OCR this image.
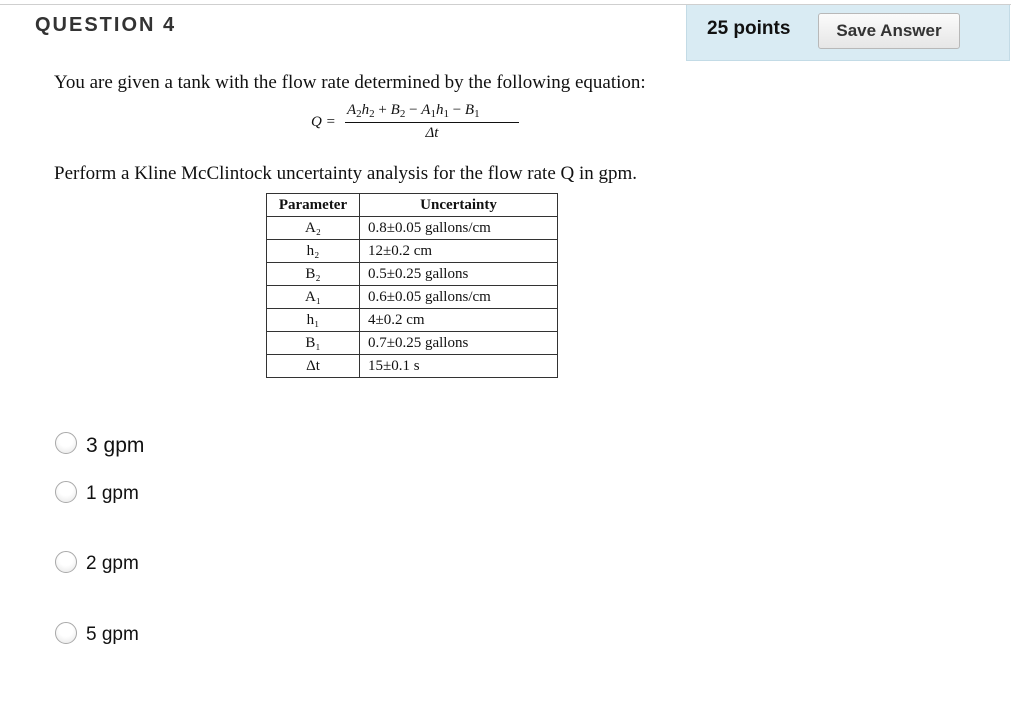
QUESTION 4	25 points	Save Answer
You are given a tank with the flow rate determined by the following equation:
Q =
$A_2h_2 + B_2 - A_1h_1 - B_1$
Δt
Perform a Kline McClintock uncertainty analysis for the flow rate Q in gpm.
Parameter	Uncertainty
A₂	0.8±0.05 gallons/cm
h₂	12±0.2 cm
B₂	0.5±0.25 gallons
A₁	0.6±0.05 gallons/cm
h₁	4±0.2 cm
B₁	0.7±0.25 gallons
Δt	15±0.1 s
3 gpm
1 gpm
2 gpm
5 gpm
